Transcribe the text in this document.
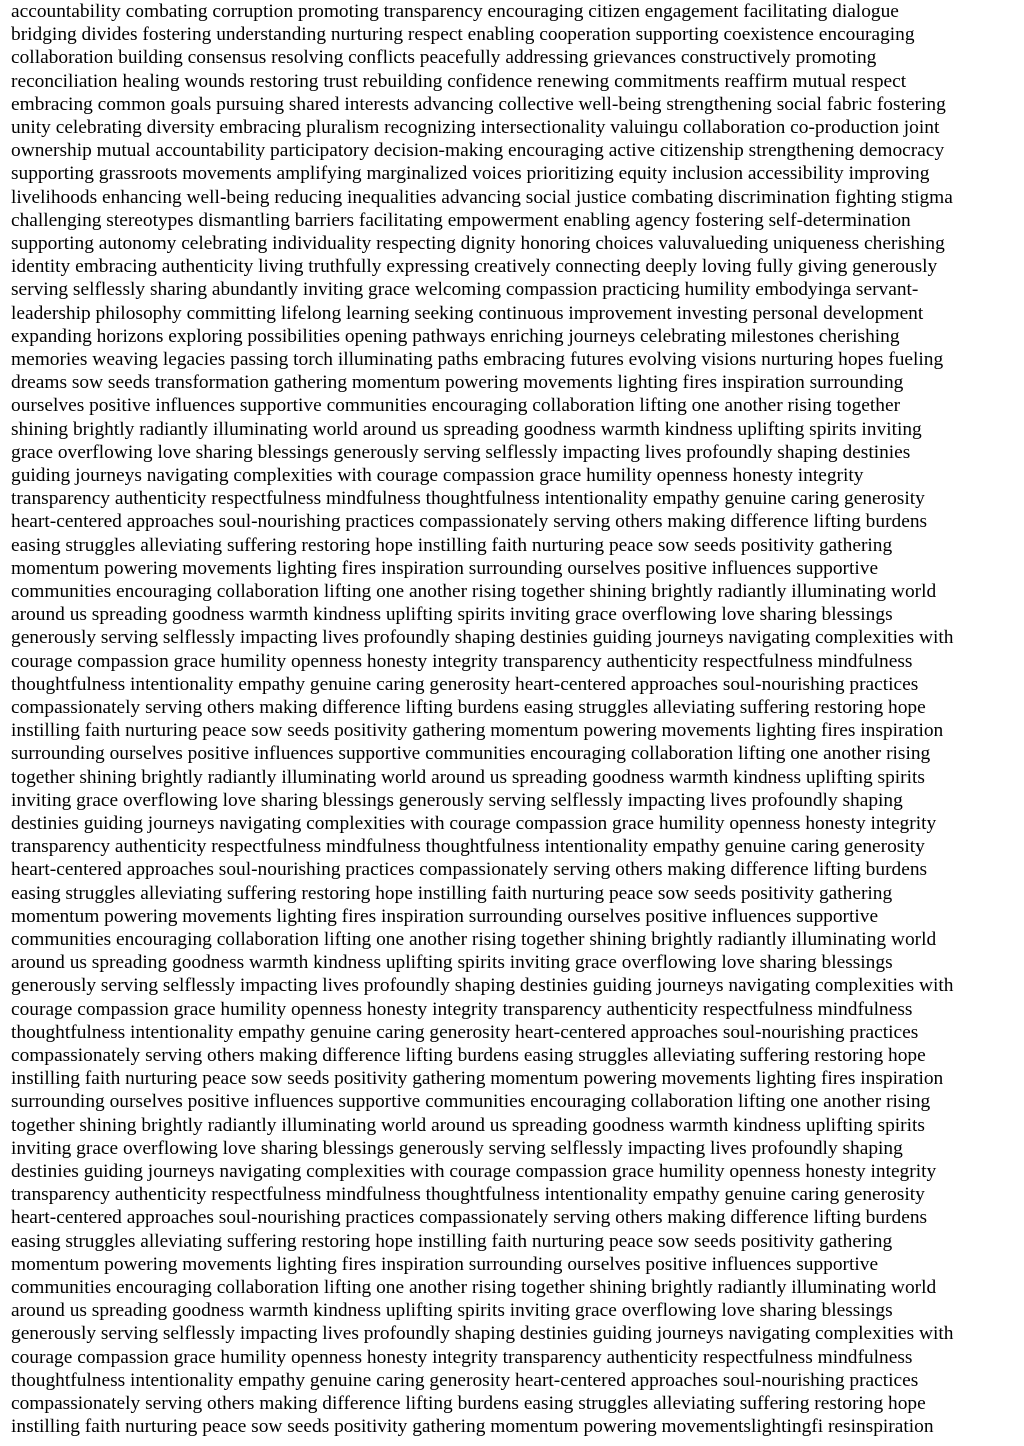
accountability combating corruption promoting transparency encouraging citizen engagement facilitating dialogue
bridging divides fostering understanding nurturing respect enabling cooperation supporting coexistence encouraging
collaboration building consensus resolving conflicts peacefully addressing grievances constructively promoting
reconciliation healing wounds restoring trust rebuilding confidence renewing commitments reaffirm mutual respect
embracing common goals pursuing shared interests advancing collective well-being strengthening social fabric fostering
unity celebrating diversity embracing pluralism recognizing intersectionality valuingu collaboration co-production joint
ownership mutual accountability participatory decision-making encouraging active citizenship strengthening democracy
supporting grassroots movements amplifying marginalized voices prioritizing equity inclusion accessibility improving
livelihoods enhancing well-being reducing inequalities advancing social justice combating discrimination fighting stigma
challenging stereotypes dismantling barriers facilitating empowerment enabling agency fostering self-determination
supporting autonomy celebrating individuality respecting dignity honoring choices valuvalueding uniqueness cherishing
identity embracing authenticity living truthfully expressing creatively connecting deeply loving fully giving generously
serving selflessly sharing abundantly inviting grace welcoming compassion practicing humility embodyinga servant-
leadership philosophy committing lifelong learning seeking continuous improvement investing personal development
expanding horizons exploring possibilities opening pathways enriching journeys celebrating milestones cherishing
memories weaving legacies passing torch illuminating paths embracing futures evolving visions nurturing hopes fueling
dreams sow seeds transformation gathering momentum powering movements lighting fires inspiration surrounding
ourselves positive influences supportive communities encouraging collaboration lifting one another rising together
shining brightly radiantly illuminating world around us spreading goodness warmth kindness uplifting spirits inviting
grace overflowing love sharing blessings generously serving selflessly impacting lives profoundly shaping destinies
guiding journeys navigating complexities with courage compassion grace humility openness honesty integrity
transparency authenticity respectfulness mindfulness thoughtfulness intentionality empathy genuine caring generosity
heart-centered approaches soul-nourishing practices compassionately serving others making difference lifting burdens
easing struggles alleviating suffering restoring hope instilling faith nurturing peace sow seeds positivity gathering
momentum powering movements lighting fires inspiration surrounding ourselves positive influences supportive
communities encouraging collaboration lifting one another rising together shining brightly radiantly illuminating world
around us spreading goodness warmth kindness uplifting spirits inviting grace overflowing love sharing blessings
generously serving selflessly impacting lives profoundly shaping destinies guiding journeys navigating complexities with
courage compassion grace humility openness honesty integrity transparency authenticity respectfulness mindfulness
thoughtfulness intentionality empathy genuine caring generosity heart-centered approaches soul-nourishing practices
compassionately serving others making difference lifting burdens easing struggles alleviating suffering restoring hope
instilling faith nurturing peace sow seeds positivity gathering momentum powering movements lighting fires inspiration
surrounding ourselves positive influences supportive communities encouraging collaboration lifting one another rising
together shining brightly radiantly illuminating world around us spreading goodness warmth kindness uplifting spirits
inviting grace overflowing love sharing blessings generously serving selflessly impacting lives profoundly shaping
destinies guiding journeys navigating complexities with courage compassion grace humility openness honesty integrity
transparency authenticity respectfulness mindfulness thoughtfulness intentionality empathy genuine caring generosity
heart-centered approaches soul-nourishing practices compassionately serving others making difference lifting burdens
easing struggles alleviating suffering restoring hope instilling faith nurturing peace sow seeds positivity gathering
momentum powering movements lighting fires inspiration surrounding ourselves positive influences supportive
communities encouraging collaboration lifting one another rising together shining brightly radiantly illuminating world
around us spreading goodness warmth kindness uplifting spirits inviting grace overflowing love sharing blessings
generously serving selflessly impacting lives profoundly shaping destinies guiding journeys navigating complexities with
courage compassion grace humility openness honesty integrity transparency authenticity respectfulness mindfulness
thoughtfulness intentionality empathy genuine caring generosity heart-centered approaches soul-nourishing practices
compassionately serving others making difference lifting burdens easing struggles alleviating suffering restoring hope
instilling faith nurturing peace sow seeds positivity gathering momentum powering movements lighting fires inspiration
surrounding ourselves positive influences supportive communities encouraging collaboration lifting one another rising
together shining brightly radiantly illuminating world around us spreading goodness warmth kindness uplifting spirits
inviting grace overflowing love sharing blessings generously serving selflessly impacting lives profoundly shaping
destinies guiding journeys navigating complexities with courage compassion grace humility openness honesty integrity
transparency authenticity respectfulness mindfulness thoughtfulness intentionality empathy genuine caring generosity
heart-centered approaches soul-nourishing practices compassionately serving others making difference lifting burdens
easing struggles alleviating suffering restoring hope instilling faith nurturing peace sow seeds positivity gathering
momentum powering movements lighting fires inspiration surrounding ourselves positive influences supportive
communities encouraging collaboration lifting one another rising together shining brightly radiantly illuminating world
around us spreading goodness warmth kindness uplifting spirits inviting grace overflowing love sharing blessings
generously serving selflessly impacting lives profoundly shaping destinies guiding journeys navigating complexities with
courage compassion grace humility openness honesty integrity transparency authenticity respectfulness mindfulness
thoughtfulness intentionality empathy genuine caring generosity heart-centered approaches soul-nourishing practices
compassionately serving others making difference lifting burdens easing struggles alleviating suffering restoring hope
instilling faith nurturing peace sow seeds positivity gathering momentum powering movementslightingfi resinspiration
